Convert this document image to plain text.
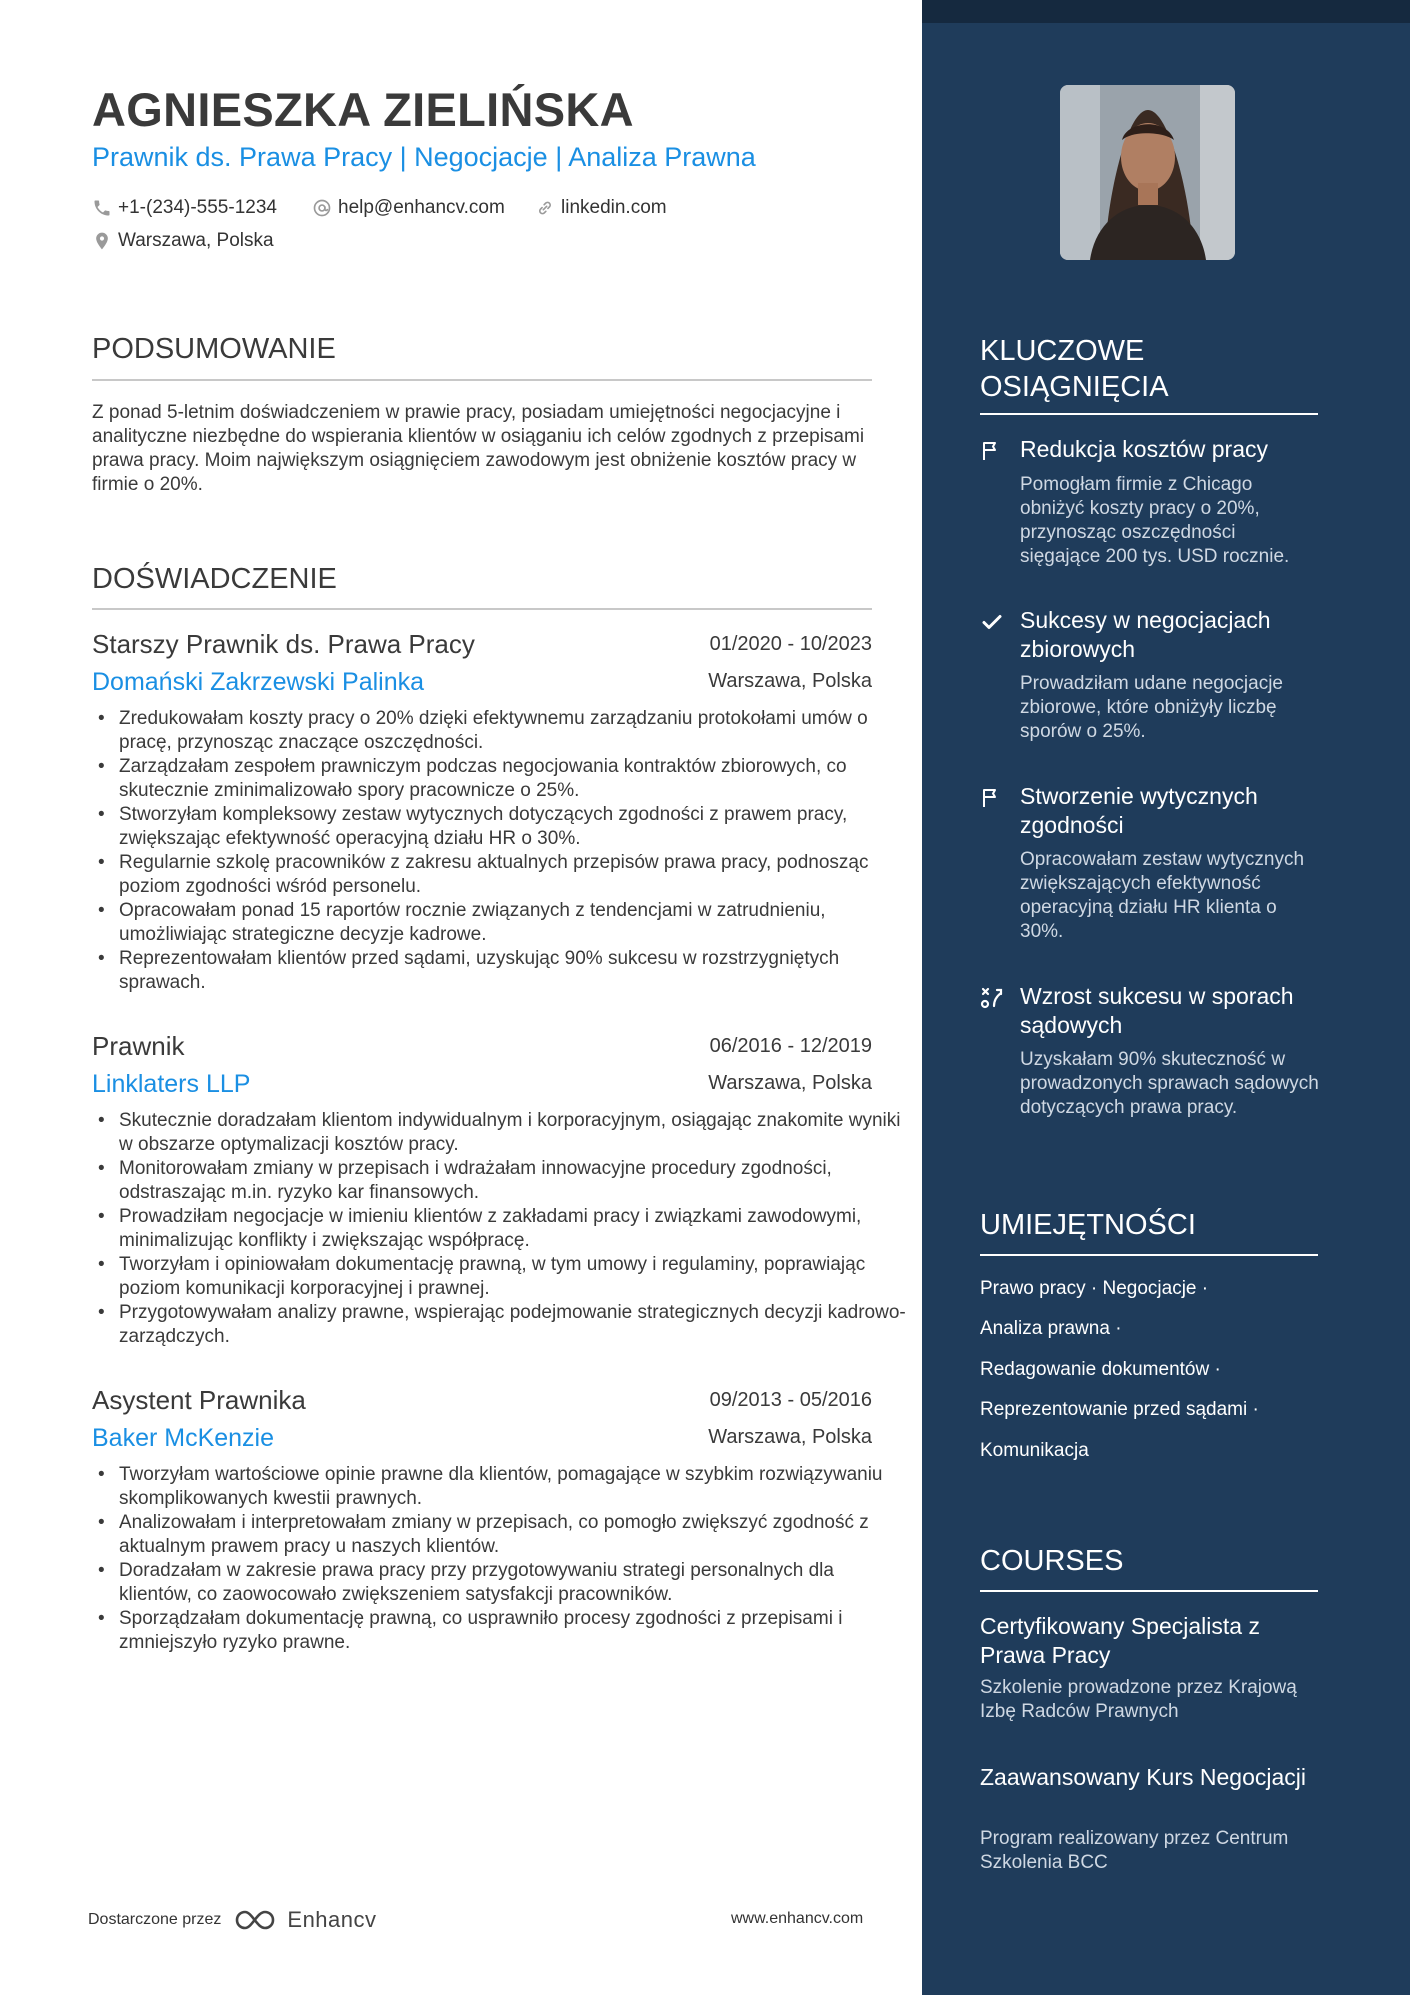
AGNIESZKA ZIELIŃSKA
Prawnik ds. Prawa Pracy | Negocjacje | Analiza Prawna
+1-(234)-555-1234	help@enhancv.com	linkedin.com
Warszawa, Polska
PODSUMOWANIE
Z ponad 5-letnim doświadczeniem w prawie pracy, posiadam umiejętności negocjacyjne i analityczne niezbędne do wspierania klientów w osiąganiu ich celów zgodnych z przepisami prawa pracy. Moim największym osiągnięciem zawodowym jest obniżenie kosztów pracy w firmie o 20%.
DOŚWIADCZENIE
Starszy Prawnik ds. Prawa Pracy	01/2020 - 10/2023
Domański Zakrzewski Palinka	Warszawa, Polska
• Zredukowałam koszty pracy o 20% dzięki efektywnemu zarządzaniu protokołami umów o pracę, przynosząc znaczące oszczędności.
• Zarządzałam zespołem prawniczym podczas negocjowania kontraktów zbiorowych, co skutecznie zminimalizowało spory pracownicze o 25%.
• Stworzyłam kompleksowy zestaw wytycznych dotyczących zgodności z prawem pracy, zwiększając efektywność operacyjną działu HR o 30%.
• Regularnie szkolę pracowników z zakresu aktualnych przepisów prawa pracy, podnosząc poziom zgodności wśród personelu.
• Opracowałam ponad 15 raportów rocznie związanych z tendencjami w zatrudnieniu, umożliwiając strategiczne decyzje kadrowe.
• Reprezentowałam klientów przed sądami, uzyskując 90% sukcesu w rozstrzygniętych sprawach.
Prawnik	06/2016 - 12/2019
Linklaters LLP	Warszawa, Polska
• Skutecznie doradzałam klientom indywidualnym i korporacyjnym, osiągając znakomite wyniki w obszarze optymalizacji kosztów pracy.
• Monitorowałam zmiany w przepisach i wdrażałam innowacyjne procedury zgodności, odstraszając m.in. ryzyko kar finansowych.
• Prowadziłam negocjacje w imieniu klientów z zakładami pracy i związkami zawodowymi, minimalizując konflikty i zwiększając współpracę.
• Tworzyłam i opiniowałam dokumentację prawną, w tym umowy i regulaminy, poprawiając poziom komunikacji korporacyjnej i prawnej.
• Przygotowywałam analizy prawne, wspierając podejmowanie strategicznych decyzji kadrowo-zarządczych.
Asystent Prawnika	09/2013 - 05/2016
Baker McKenzie	Warszawa, Polska
• Tworzyłam wartościowe opinie prawne dla klientów, pomagające w szybkim rozwiązywaniu skomplikowanych kwestii prawnych.
• Analizowałam i interpretowałam zmiany w przepisach, co pomogło zwiększyć zgodność z aktualnym prawem pracy u naszych klientów.
• Doradzałam w zakresie prawa pracy przy przygotowywaniu strategi personalnych dla klientów, co zaowocowało zwiększeniem satysfakcji pracowników.
• Sporządzałam dokumentację prawną, co usprawniło procesy zgodności z przepisami i zmniejszyło ryzyko prawne.
Dostarczone przez	Enhancv	www.enhancv.com
KLUCZOWE OSIĄGNIĘCIA
Redukcja kosztów pracy
Pomogłam firmie z Chicago obniżyć koszty pracy o 20%, przynosząc oszczędności sięgające 200 tys. USD rocznie.
Sukcesy w negocjacjach zbiorowych
Prowadziłam udane negocjacje zbiorowe, które obniżyły liczbę sporów o 25%.
Stworzenie wytycznych zgodności
Opracowałam zestaw wytycznych zwiększających efektywność operacyjną działu HR klienta o 30%.
Wzrost sukcesu w sporach sądowych
Uzyskałam 90% skuteczność w prowadzonych sprawach sądowych dotyczących prawa pracy.
UMIEJĘTNOŚCI
Prawo pracy · Negocjacje ·
Analiza prawna ·
Redagowanie dokumentów ·
Reprezentowanie przed sądami ·
Komunikacja
COURSES
Certyfikowany Specjalista z Prawa Pracy
Szkolenie prowadzone przez Krajową Izbę Radców Prawnych
Zaawansowany Kurs Negocjacji
Program realizowany przez Centrum Szkolenia BCC
